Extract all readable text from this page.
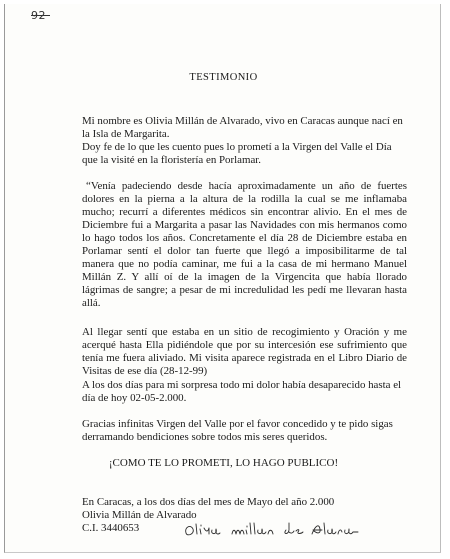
92
TESTIMONIO

Mi nombre es Olivia Millán de Alvarado, vivo en Caracas aunque nací en la Isla de Margarita.

Doy fe de lo que les cuento pues lo prometí a la Virgen del Valle el Día que la visité en la floristería en Porlamar.

“Venía padeciendo desde hacía aproximadamente un año de fuertes dolores en la pierna a la altura de la rodilla la cual se me inflamaba mucho; recurrí a diferentes médicos sin encontrar alivio. En el mes de Diciembre fui a Margarita a pasar las Navidades con mis hermanos como lo hago todos los años. Concretamente el día 28 de Diciembre estaba en Porlamar sentí el dolor tan fuerte que llegó a imposibilitarme de tal manera que no podía caminar, me fui a la casa de mi hermano Manuel Millán Z. Y allí oí de la imagen de la Virgencita que había llorado lágrimas de sangre; a pesar de mi incredulidad les pedí me llevaran hasta allá.

Al llegar sentí que estaba en un sitio de recogimiento y Oración y me acerqué hasta Ella pidiéndole que por su intercesión ese sufrimiento que tenía me fuera aliviado. Mi visita aparece registrada en el Libro Diario de Visitas de ese día (28-12-99)

A los dos días para mi sorpresa todo mi dolor había desaparecido hasta el día de hoy 02-05-2.000.

Gracias infinitas Virgen del Valle por el favor concedido y te pido sigas derramando bendiciones sobre todos mis seres queridos.

¡COMO TE LO PROMETI, LO HAGO PUBLICO!
En Caracas, a los dos días del mes de Mayo del año 2.000
Olivia Millán de Alvarado
C.I. 3440653
